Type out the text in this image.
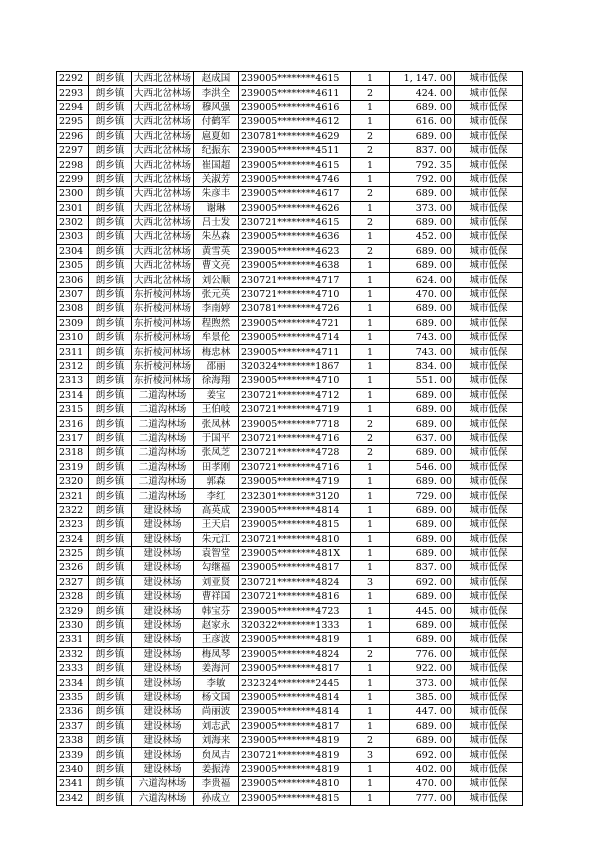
2292	朗乡镇	大西北岔林场	赵成国	239005********4615	1	1, 147. 00	城市低保
2293	朗乡镇	大西北岔林场	李洪全	239005********4611	2	424. 00	城市低保
2294	朗乡镇	大西北岔林场	穆风强	239005********4616	1	689. 00	城市低保
2295	朗乡镇	大西北岔林场	付鹤军	239005********4612	1	616. 00	城市低保
2296	朗乡镇	大西北岔林场	扈夏如	230781********4629	2	689. 00	城市低保
2297	朗乡镇	大西北岔林场	纪振东	239005********4511	2	837. 00	城市低保
2298	朗乡镇	大西北岔林场	崔国超	239005********4615	1	792. 35	城市低保
2299	朗乡镇	大西北岔林场	关淑芳	239005********4746	1	792. 00	城市低保
2300	朗乡镇	大西北岔林场	朱彦丰	239005********4617	2	689. 00	城市低保
2301	朗乡镇	大西北岔林场	谢琳	239005********4626	1	373. 00	城市低保
2302	朗乡镇	大西北岔林场	吕士发	230721********4615	2	689. 00	城市低保
2303	朗乡镇	大西北岔林场	朱丛森	239005********4636	1	452. 00	城市低保
2304	朗乡镇	大西北岔林场	黄雪英	239005********4623	2	689. 00	城市低保
2305	朗乡镇	大西北岔林场	曹文亮	239005********4638	1	689. 00	城市低保
2306	朗乡镇	大西北岔林场	刘公顺	230721********4717	1	624. 00	城市低保
2307	朗乡镇	东折棱河林场	张元英	230721********4710	1	470. 00	城市低保
2308	朗乡镇	东折棱河林场	李南婷	230781********4726	1	689. 00	城市低保
2309	朗乡镇	东折棱河林场	程煦然	239005********4721	1	689. 00	城市低保
2310	朗乡镇	东折棱河林场	牟景伦	239005********4714	1	743. 00	城市低保
2311	朗乡镇	东折棱河林场	梅忠林	239005********4711	1	743. 00	城市低保
2312	朗乡镇	东折棱河林场	邵丽	320324********1867	1	834. 00	城市低保
2313	朗乡镇	东折棱河林场	徐海翔	239005********4710	1	551. 00	城市低保
2314	朗乡镇	二道沟林场	姜宝	230721********4712	1	689. 00	城市低保
2315	朗乡镇	二道沟林场	王伯岐	230721********4719	1	689. 00	城市低保
2316	朗乡镇	二道沟林场	张凤林	239005********7718	2	689. 00	城市低保
2317	朗乡镇	二道沟林场	于国平	230721********4716	2	637. 00	城市低保
2318	朗乡镇	二道沟林场	张凤芝	230721********4728	2	689. 00	城市低保
2319	朗乡镇	二道沟林场	田孝刚	230721********4716	1	546. 00	城市低保
2320	朗乡镇	二道沟林场	郭森	239005********4719	1	689. 00	城市低保
2321	朗乡镇	二道沟林场	李红	232301********3120	1	729. 00	城市低保
2322	朗乡镇	建设林场	高英成	239005********4814	1	689. 00	城市低保
2323	朗乡镇	建设林场	王天启	239005********4815	1	689. 00	城市低保
2324	朗乡镇	建设林场	朱元江	230721********4810	1	689. 00	城市低保
2325	朗乡镇	建设林场	袁智堂	239005********481X	1	689. 00	城市低保
2326	朗乡镇	建设林场	勾继福	239005********4817	1	837. 00	城市低保
2327	朗乡镇	建设林场	刘亚贤	230721********4824	3	692. 00	城市低保
2328	朗乡镇	建设林场	曹祥国	230721********4816	1	689. 00	城市低保
2329	朗乡镇	建设林场	韩宝芬	239005********4723	1	445. 00	城市低保
2330	朗乡镇	建设林场	赵家永	320322********1333	1	689. 00	城市低保
2331	朗乡镇	建设林场	王彦波	239005********4819	1	689. 00	城市低保
2332	朗乡镇	建设林场	梅凤琴	239005********4824	2	776. 00	城市低保
2333	朗乡镇	建设林场	姜海河	239005********4817	1	922. 00	城市低保
2334	朗乡镇	建设林场	李敏	232324********2445	1	373. 00	城市低保
2335	朗乡镇	建设林场	杨文国	239005********4814	1	385. 00	城市低保
2336	朗乡镇	建设林场	尚丽波	239005********4814	1	447. 00	城市低保
2337	朗乡镇	建设林场	刘志武	239005********4817	1	689. 00	城市低保
2338	朗乡镇	建设林场	刘海来	239005********4819	2	689. 00	城市低保
2339	朗乡镇	建设林场	贠凤吉	230721********4819	3	692. 00	城市低保
2340	朗乡镇	建设林场	姜振涛	239005********4819	1	402. 00	城市低保
2341	朗乡镇	六道沟林场	李贵福	239005********4810	1	470. 00	城市低保
2342	朗乡镇	六道沟林场	孙成立	239005********4815	1	777. 00	城市低保
